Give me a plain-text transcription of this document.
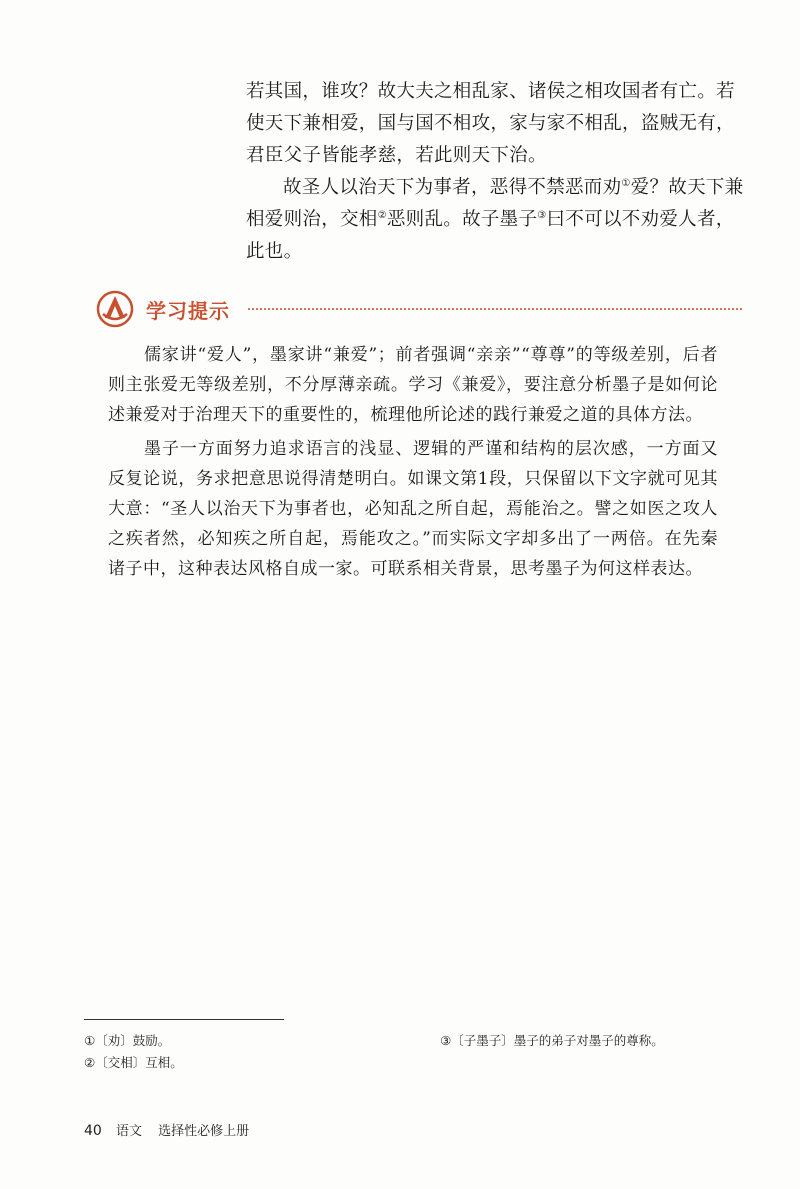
若其国，谁攻？故大夫之相乱家、诸侯之相攻国者有亡。若使天下兼相爱，国与国不相攻，家与家不相乱，盗贼无有，君臣父子皆能孝慈，若此则天下治。

故圣人以治天下为事者，恶得不禁恶而劝①爱？故天下兼相爱则治，交相②恶则乱。故子墨子③曰不可以不劝爱人者，此也。

学习提示

儒家讲“爱人”，墨家讲“兼爱”；前者强调“亲亲”“尊尊”的等级差别，后者则主张爱无等级差别，不分厚薄亲疏。学习《兼爱》，要注意分析墨子是如何论述兼爱对于治理天下的重要性的，梳理他所论述的践行兼爱之道的具体方法。

墨子一方面努力追求语言的浅显、逻辑的严谨和结构的层次感，一方面又反复论说，务求把意思说得清楚明白。如课文第1段，只保留以下文字就可见其大意：“圣人以治天下为事者也，必知乱之所自起，焉能治之。譬之如医之攻人之疾者然，必知疾之所自起，焉能攻之。”而实际文字却多出了一两倍。在先秦诸子中，这种表达风格自成一家。可联系相关背景，思考墨子为何这样表达。

①〔劝〕鼓励。
②〔交相〕互相。
③〔子墨子〕墨子的弟子对墨子的尊称。
40 语文 选择性必修上册
